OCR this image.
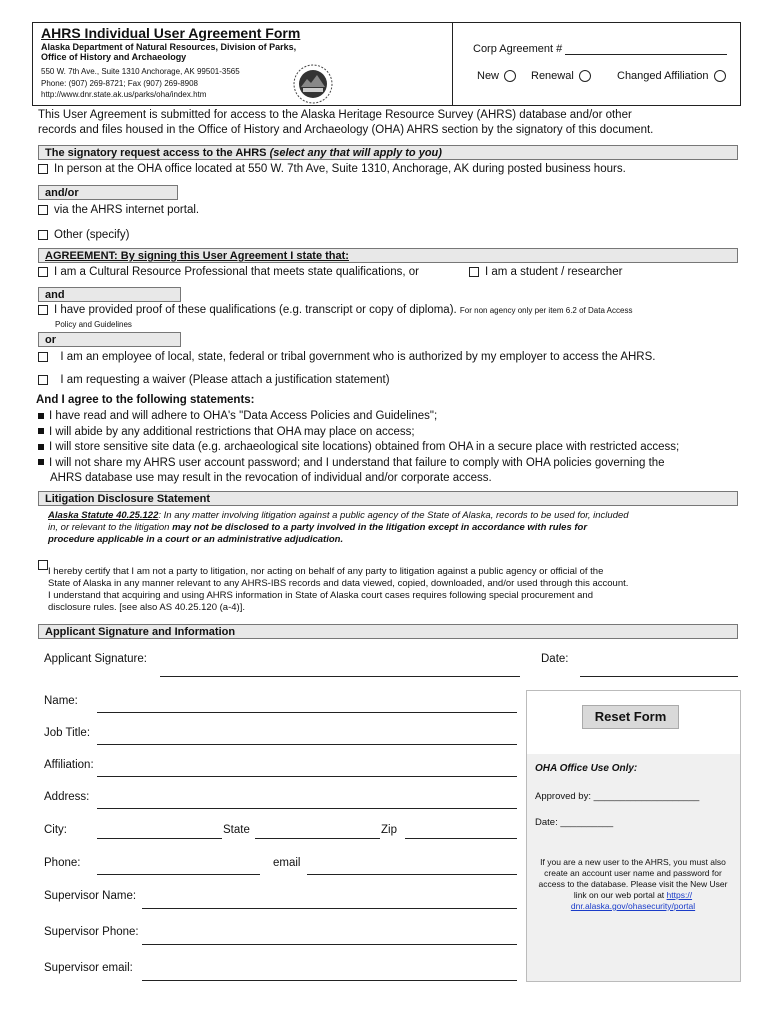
AHRS Individual User Agreement Form
Alaska Department of Natural Resources, Division of Parks,
Office of History and Archaeology
550 W. 7th Ave., Suite 1310 Anchorage, AK 99501-3565
Phone: (907) 269-8721; Fax (907) 269-8908
http://www.dnr.state.ak.us/parks/oha/index.htm
Corp Agreement #
New	Renewal	Changed Affiliation
This User Agreement is submitted for access to the Alaska Heritage Resource Survey (AHRS) database and/or other
records and files housed in the Office of History and Archaeology (OHA) AHRS section by the signatory of this document.
The signatory request access to the AHRS (select any that will apply to you)
In person at the OHA office located at 550 W. 7th Ave, Suite 1310, Anchorage, AK during posted business hours.
and/or
via the AHRS internet portal.
Other (specify)
AGREEMENT: By signing this User Agreement I state that:
I am a Cultural Resource Professional that meets state qualifications, or	I am a student / researcher
and
I have provided proof of these qualifications (e.g. transcript or copy of diploma). For non agency only per item 6.2 of Data Access
Policy and Guidelines
or
I am an employee of local, state, federal or tribal government who is authorized by my employer to access the AHRS.
I am requesting a waiver (Please attach a justification statement)
And I agree to the following statements:
I have read and will adhere to OHA's "Data Access Policies and Guidelines";
I will abide by any additional restrictions that OHA may place on access;
I will store sensitive site data (e.g. archaeological site locations) obtained from OHA in a secure place with restricted access;
I will not share my AHRS user account password; and I understand that failure to comply with OHA policies governing the
AHRS database use may result in the revocation of individual and/or corporate access.
Litigation Disclosure Statement
Alaska Statute 40.25.122: In any matter involving litigation against a public agency of the State of Alaska, records to be used for, included
in, or relevant to the litigation may not be disclosed to a party involved in the litigation except in accordance with rules for
procedure applicable in a court or an administrative adjudication.
I hereby certify that I am not a party to litigation, nor acting on behalf of any party to litigation against a public agency or official of the
State of Alaska in any manner relevant to any AHRS-IBS records and data viewed, copied, downloaded, and/or used through this account.
I understand that acquiring and using AHRS information in State of Alaska court cases requires following special procurement and
disclosure rules. [see also AS 40.25.120 (a-4)].
Applicant Signature and Information
Applicant Signature:	Date:
Name:
Job Title:
Affiliation:
Address:
City:	State	Zip
Phone:	email
Supervisor Name:
Supervisor Phone:
Supervisor email:
Reset Form
OHA Office Use Only:
Approved by: ____________________
Date: __________
If you are a new user to the AHRS, you must also create an account user name and password for access to the database. Please visit the New User link on our web portal at https:// dnr.alaska.gov/ohasecurity/portal
